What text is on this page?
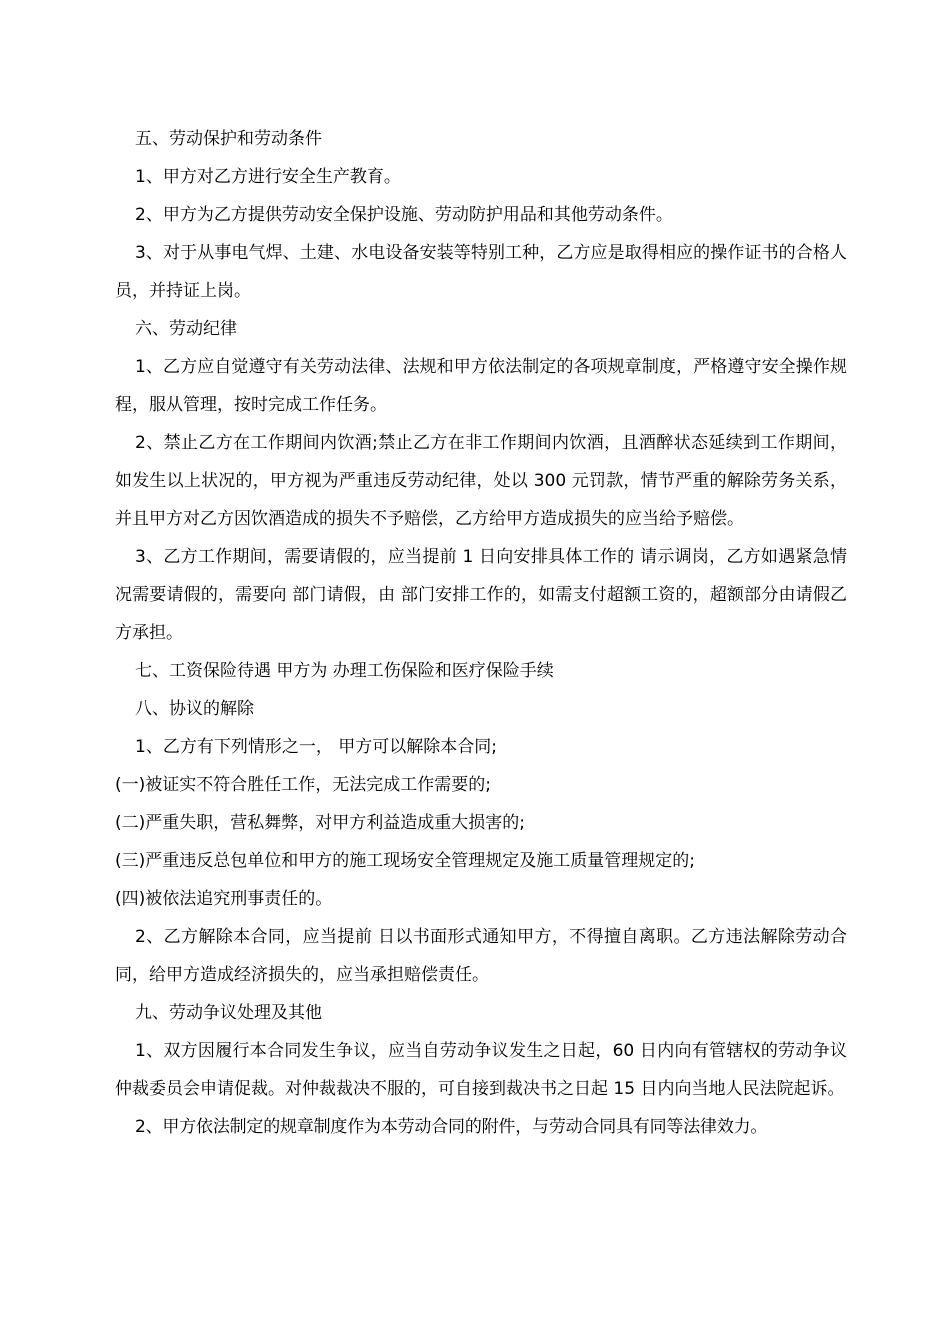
五、劳动保护和劳动条件

1、甲方对乙方进行安全生产教育。

2、甲方为乙方提供劳动安全保护设施、劳动防护用品和其他劳动条件。

3、对于从事电气焊、土建、水电设备安装等特别工种，乙方应是取得相应的操作证书的合格人员，并持证上岗。

六、劳动纪律

1、乙方应自觉遵守有关劳动法律、法规和甲方依法制定的各项规章制度，严格遵守安全操作规程，服从管理，按时完成工作任务。

2、禁止乙方在工作期间内饮酒;禁止乙方在非工作期间内饮酒，且酒醉状态延续到工作期间，如发生以上状况的，甲方视为严重违反劳动纪律，处以 300 元罚款，情节严重的解除劳务关系，并且甲方对乙方因饮酒造成的损失不予赔偿，乙方给甲方造成损失的应当给予赔偿。

3、乙方工作期间，需要请假的，应当提前 1 日向安排具体工作的 请示调岗，乙方如遇紧急情况需要请假的，需要向 部门请假，由 部门安排工作的，如需支付超额工资的，超额部分由请假乙方承担。

七、工资保险待遇 甲方为 办理工伤保险和医疗保险手续

八、协议的解除

1、乙方有下列情形之一， 甲方可以解除本合同;

(一)被证实不符合胜任工作，无法完成工作需要的;

(二)严重失职，营私舞弊，对甲方利益造成重大损害的;

(三)严重违反总包单位和甲方的施工现场安全管理规定及施工质量管理规定的;

(四)被依法追究刑事责任的。

2、乙方解除本合同，应当提前 日以书面形式通知甲方，不得擅自离职。乙方违法解除劳动合同，给甲方造成经济损失的，应当承担赔偿责任。

九、劳动争议处理及其他

1、双方因履行本合同发生争议，应当自劳动争议发生之日起，60 日内向有管辖权的劳动争议仲裁委员会申请促裁。对仲裁裁决不服的，可自接到裁决书之日起 15 日内向当地人民法院起诉。

2、甲方依法制定的规章制度作为本劳动合同的附件，与劳动合同具有同等法律效力。
